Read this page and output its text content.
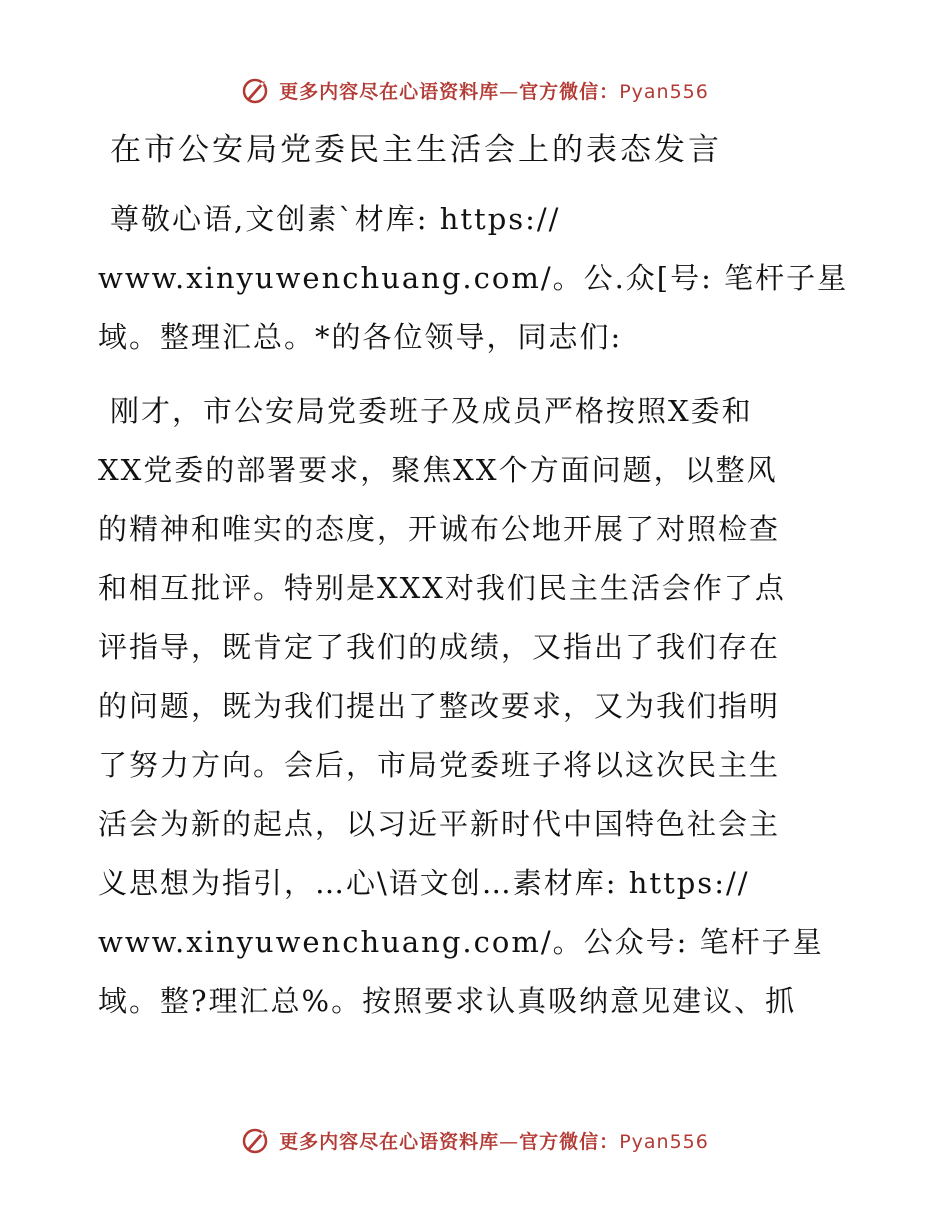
更多内容尽在心语资料库—官方微信：Pyan556
在市公安局党委民主生活会上的表态发言

尊敬心语,文创素`材库: https://
www.xinyuwenchuang.com/。公.众[号: 笔杆子星
域。整理汇总。*的各位领导，同志们:

刚才，市公安局党委班子及成员严格按照X委和
XX党委的部署要求，聚焦XX个方面问题，以整风
的精神和唯实的态度，开诚布公地开展了对照检查
和相互批评。特别是XXX对我们民主生活会作了点
评指导，既肯定了我们的成绩，又指出了我们存在
的问题，既为我们提出了整改要求，又为我们指明
了努力方向。会后，市局党委班子将以这次民主生
活会为新的起点，以习近平新时代中国特色社会主
义思想为指引，…心\语文创…素材库: https://
www.xinyuwenchuang.com/。公众号: 笔杆子星
域。整?理汇总%。按照要求认真吸纳意见建议、抓

更多内容尽在心语资料库—官方微信：Pyan556
